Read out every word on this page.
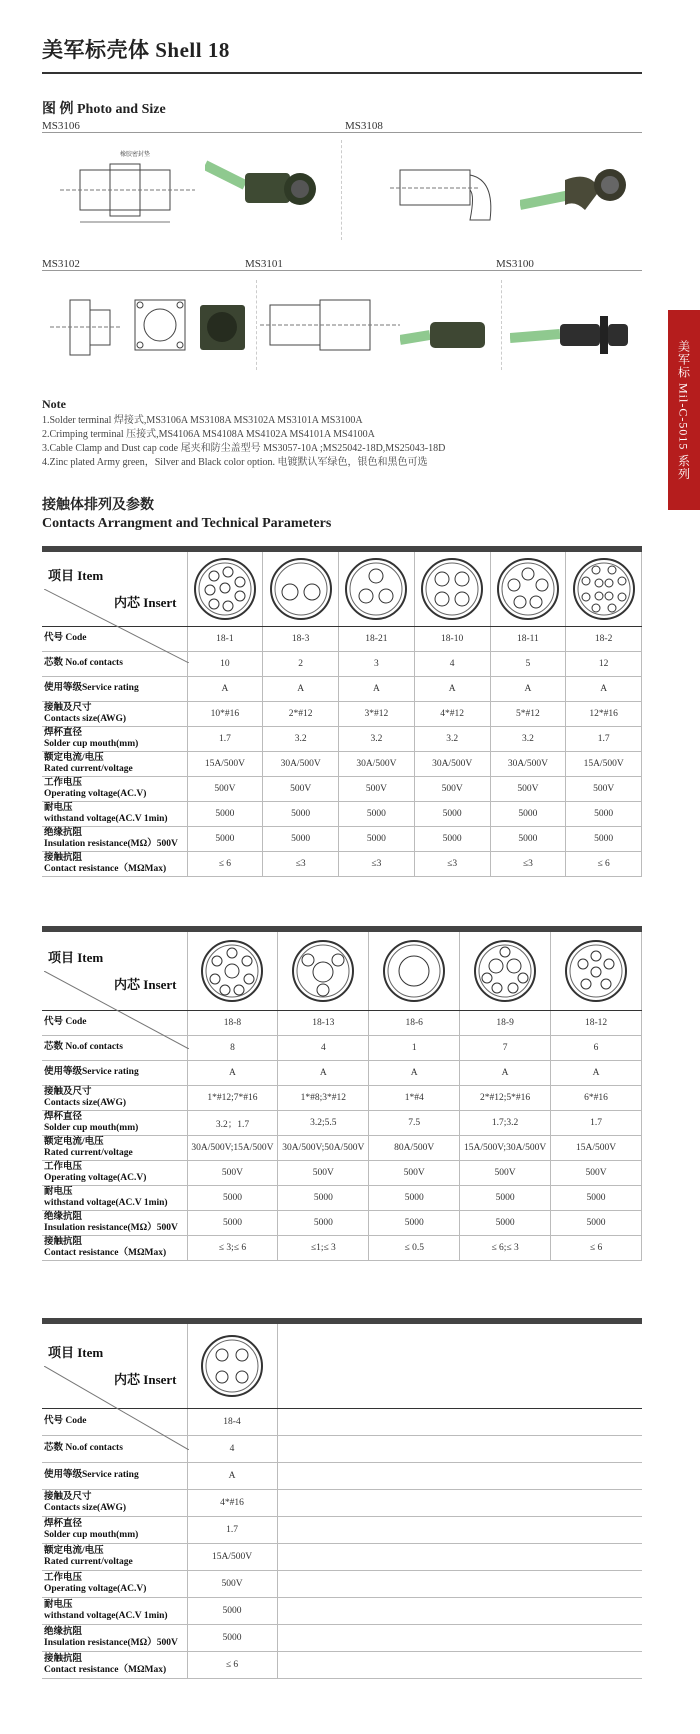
美军标壳体 Shell 18
图 例 Photo and Size
MS3106	MS3108
橡胶密封垫
MS3102	MS3101	MS3100
美军标 Mil-C-5015 系列
Note
1.Solder terminal 焊接式,MS3106A MS3108A MS3102A MS3101A MS3100A
2.Crimping terminal 压接式,MS4106A MS4108A MS4102A MS4101A MS4100A
3.Cable Clamp and Dust cap code 尾夹和防尘盖型号 MS3057-10A ;MS25042-18D,MS25043-18D
4.Zinc plated Army green，Silver and Black color option. 电镀默认军绿色，银色和黑色可选
接触体排列及参数
Contacts Arrangment and Technical Parameters
内芯 Insert
项目 Item

代号 Code	18-1	18-3	18-21	18-10	18-11	18-2

芯数 No.of contacts	10	2	3	4	5	12

使用等级Service rating	A	A	A	A	A	A

接触及尺寸
Contacts size(AWG)	10*#16	2*#12	3*#12	4*#12	5*#12	12*#16

焊杯直径
Solder cup mouth(mm)	1.7	3.2	3.2	3.2	3.2	1.7

额定电流/电压
Rated current/voltage	15A/500V	30A/500V	30A/500V	30A/500V	30A/500V	15A/500V

工作电压
Operating voltage(AC.V)	500V	500V	500V	500V	500V	500V

耐电压
withstand voltage(AC.V 1min)	5000	5000	5000	5000	5000	5000

绝缘抗阻
Insulation resistance(MΩ）500V	5000	5000	5000	5000	5000	5000

接触抗阻
Contact resistance（MΩMax)	≤ 6	≤3	≤3	≤3	≤3	≤ 6
内芯 Insert
项目 Item

代号 Code	18-8	18-13	18-6	18-9	18-12

芯数 No.of contacts	8	4	1	7	6

使用等级Service rating	A	A	A	A	A

接触及尺寸
Contacts size(AWG)	1*#12;7*#16	1*#8;3*#12	1*#4	2*#12;5*#16	6*#16

焊杯直径
Solder cup mouth(mm)	3.2；1.7	3.2;5.5	7.5	1.7;3.2	1.7

额定电流/电压
Rated current/voltage	30A/500V;15A/500V	30A/500V;50A/500V	80A/500V	15A/500V;30A/500V	15A/500V

工作电压
Operating voltage(AC.V)	500V	500V	500V	500V	500V

耐电压
withstand voltage(AC.V 1min)	5000	5000	5000	5000	5000

绝缘抗阻
Insulation resistance(MΩ）500V	5000	5000	5000	5000	5000

接触抗阻
Contact resistance（MΩMax)	≤ 3;≤ 6	≤1;≤ 3	≤ 0.5	≤ 6;≤ 3	≤ 6
内芯 Insert
项目 Item

代号 Code	18-4	

芯数 No.of contacts	4	

使用等级Service rating	A	

接触及尺寸
Contacts size(AWG)	4*#16	

焊杯直径
Solder cup mouth(mm)	1.7	

额定电流/电压
Rated current/voltage	15A/500V	

工作电压
Operating voltage(AC.V)	500V	

耐电压
withstand voltage(AC.V 1min)	5000	

绝缘抗阻
Insulation resistance(MΩ）500V	5000	

接触抗阻
Contact resistance（MΩMax)	≤ 6	
